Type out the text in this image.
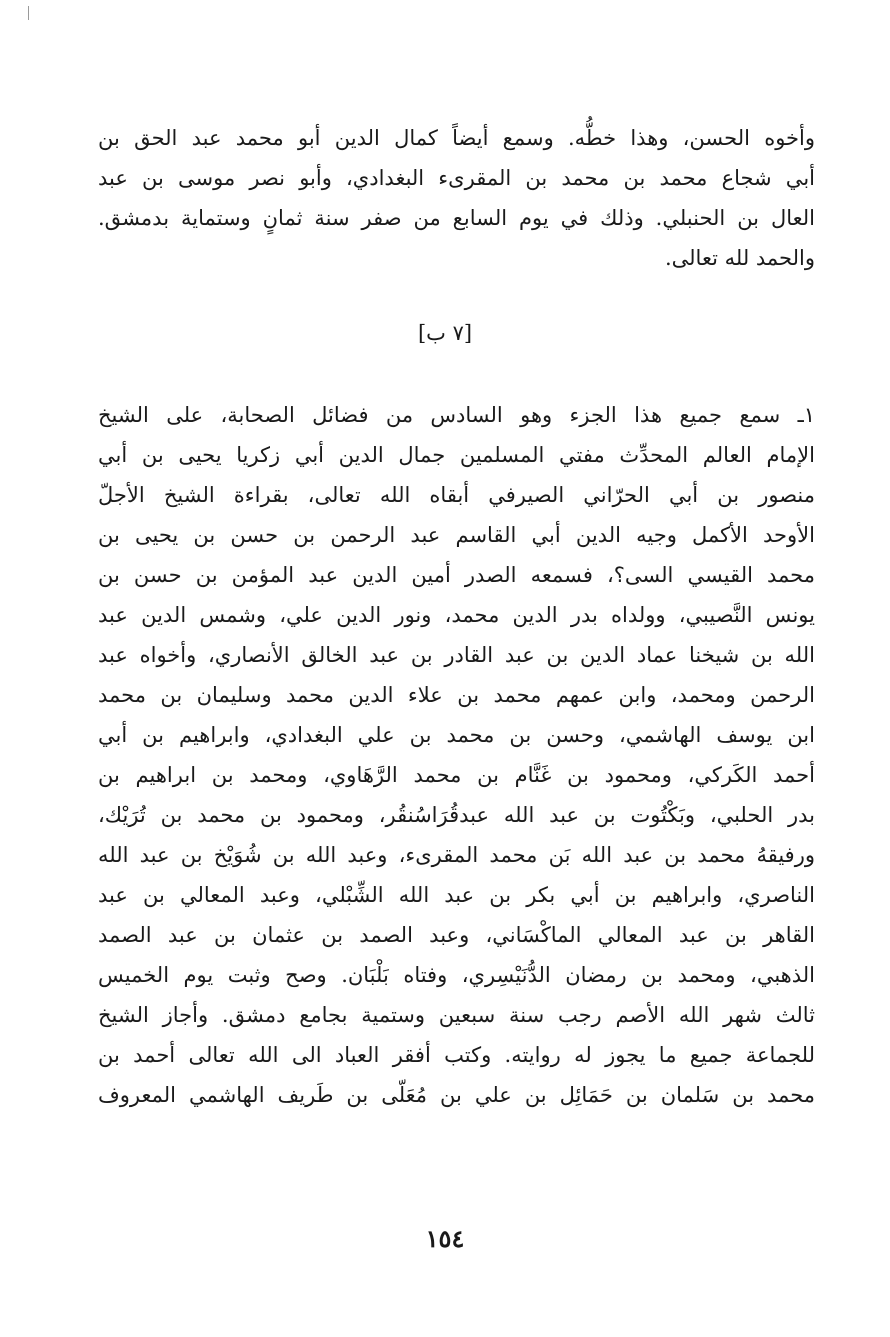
وأخوه الحسن، وهذا خطُّه. وسمع أيضاً كمال الدين أبو محمد عبد الحق بن
أبي شجاع محمد بن محمد بن المقرىء البغدادي، وأبو نصر موسى بن عبد
العال بن الحنبلي. وذلك في يوم السابع من صفر سنة ثمانٍ وستماية بدمشق.
والحمد لله تعالى.
[٧ ب]
١ـ سمع جميع هذا الجزء وهو السادس من فضائل الصحابة، على الشيخ
الإمام العالم المحدِّث مفتي المسلمين جمال الدين أبي زكريا يحيى بن أبي
منصور بن أبي الحرّاني الصيرفي أبقاه الله تعالى، بقراءة الشيخ الأجلّ
الأوحد الأكمل وجيه الدين أبي القاسم عبد الرحمن بن حسن بن يحيى بن
محمد القيسي السى؟، فسمعه الصدر أمين الدين عبد المؤمن بن حسن بن
يونس النَّصيبي، وولداه بدر الدين محمد، ونور الدين علي، وشمس الدين عبد
الله بن شيخنا عماد الدين بن عبد القادر بن عبد الخالق الأنصاري، وأخواه عبد
الرحمن ومحمد، وابن عمهم محمد بن علاء الدين محمد وسليمان بن محمد
ابن يوسف الهاشمي، وحسن بن محمد بن علي البغدادي، وابراهيم بن أبي
أحمد الكَركي، ومحمود بن غَنَّام بن محمد الرَّهَاوي، ومحمد بن ابراهيم بن
بدر الحلبي، وبَكْتُوت بن عبد الله عبدقُرَاسُنقُر، ومحمود بن محمد بن تُرَيْك،
ورفيقهُ محمد بن عبد الله بَن محمد المقرىء، وعبد الله بن شُوَيْخ بن عبد الله
الناصري، وابراهيم بن أبي بكر بن عبد الله الشِّبْلي، وعبد المعالي بن عبد
القاهر بن عبد المعالي الماكْسَاني، وعبد الصمد بن عثمان بن عبد الصمد
الذهبي، ومحمد بن رمضان الدُّنَيْسِري، وفتاه بَلْبَان. وصح وثبت يوم الخميس
ثالث شهر الله الأصم رجب سنة سبعين وستمية بجامع دمشق. وأجاز الشيخ
للجماعة جميع ما يجوز له روايته. وكتب أفقر العباد الى الله تعالى أحمد بن
محمد بن سَلمان بن حَمَائِل بن علي بن مُعَلّى بن طَريف الهاشمي المعروف
١٥٤
